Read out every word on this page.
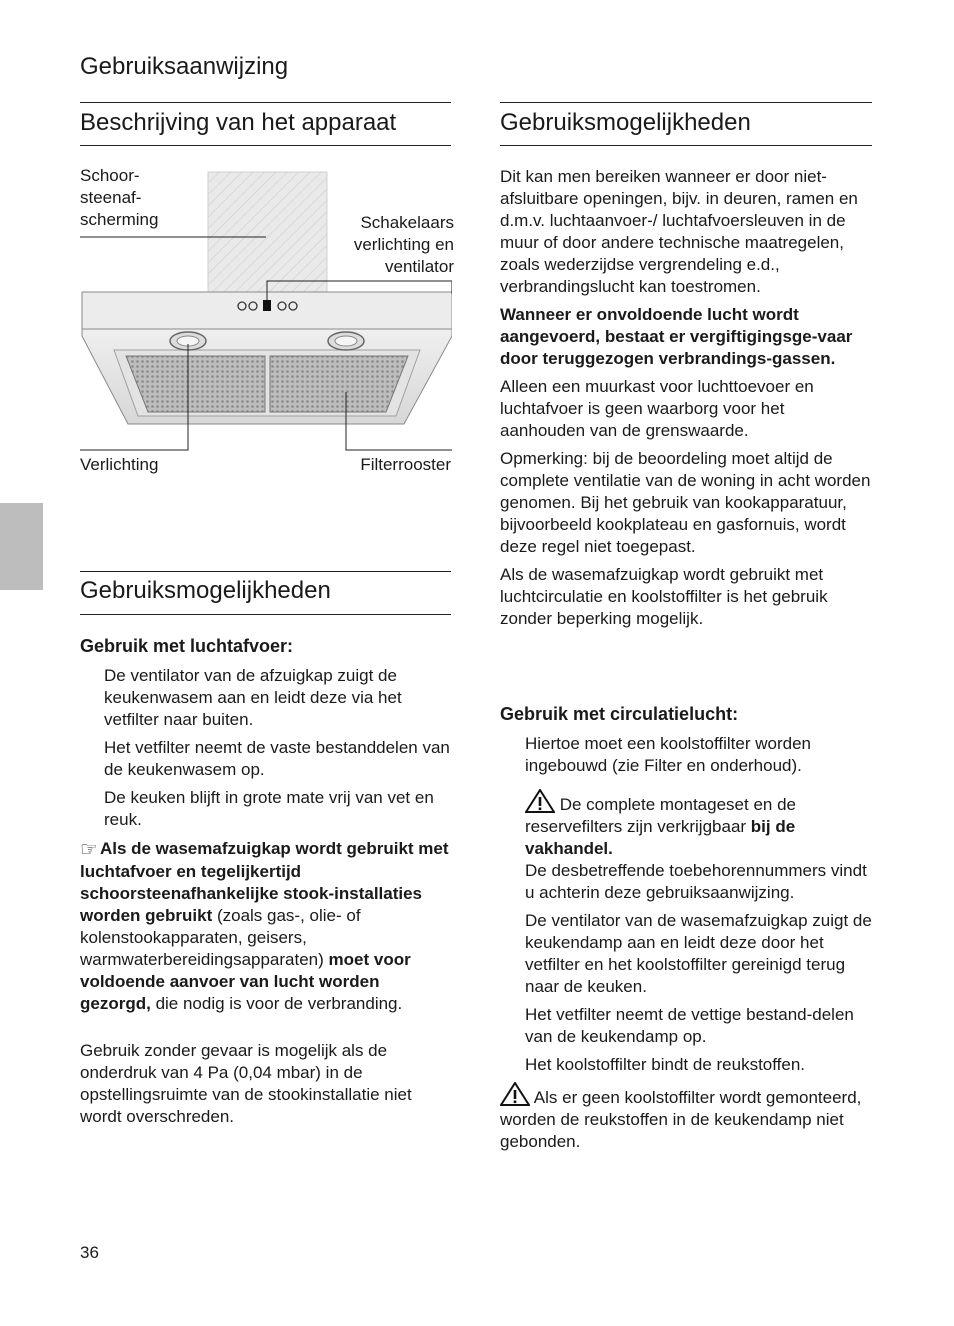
Gebruiksaanwijzing
Beschrijving van het apparaat
Schoor-
steenaf-
scherming	Schakelaars
verlichting en
ventilator
Verlichting	Filterrooster
Gebruiksmogelijkheden
Gebruik met luchtafvoer:

De ventilator van de afzuigkap zuigt de keukenwasem aan en leidt deze via het vetfilter naar buiten.

Het vetfilter neemt de vaste bestanddelen van de keukenwasem op.

De keuken blijft in grote mate vrij van vet en reuk.

☞ Als de wasemafzuigkap wordt gebruikt met luchtafvoer en tegelijkertijd schoorsteenafhankelijke stook-installaties worden gebruikt (zoals gas-, olie- of kolenstookapparaten, geisers, warmwaterbereidingsapparaten) moet voor voldoende aanvoer van lucht worden gezorgd, die nodig is voor de verbranding.

Gebruik zonder gevaar is mogelijk als de onderdruk van 4 Pa (0,04 mbar) in de opstellingsruimte van de stookinstallatie niet wordt overschreden.

Gebruiksmogelijkheden

Dit kan men bereiken wanneer er door niet-afsluitbare openingen, bijv. in deuren, ramen en d.m.v. luchtaanvoer-/ luchtafvoersleuven in de muur of door andere technische maatregelen, zoals wederzijdse vergrendeling e.d., verbrandingslucht kan toestromen.

Wanneer er onvoldoende lucht wordt aangevoerd, bestaat er vergiftigingsge-vaar door teruggezogen verbrandings-gassen.

Alleen een muurkast voor luchttoevoer en luchtafvoer is geen waarborg voor het aanhouden van de grenswaarde.

Opmerking: bij de beoordeling moet altijd de complete ventilatie van de woning in acht worden genomen. Bij het gebruik van kookapparatuur, bijvoorbeeld kookplateau en gasfornuis, wordt deze regel niet toegepast.

Als de wasemafzuigkap wordt gebruikt met luchtcirculatie en koolstoffilter is het gebruik zonder beperking mogelijk.

Gebruik met circulatielucht:

Hiertoe moet een koolstoffilter worden ingebouwd (zie Filter en onderhoud).

De complete montageset en de reservefilters zijn verkrijgbaar bij de vakhandel.
De desbetreffende toebehorennummers vindt u achterin deze gebruiksaanwijzing.

De ventilator van de wasemafzuigkap zuigt de keukendamp aan en leidt deze door het vetfilter en het koolstoffilter gereinigd terug naar de keuken.

Het vetfilter neemt de vettige bestand-delen van de keukendamp op.

Het koolstoffilter bindt de reukstoffen.

Als er geen koolstoffilter wordt gemonteerd, worden de reukstoffen in de keukendamp niet gebonden.

36
